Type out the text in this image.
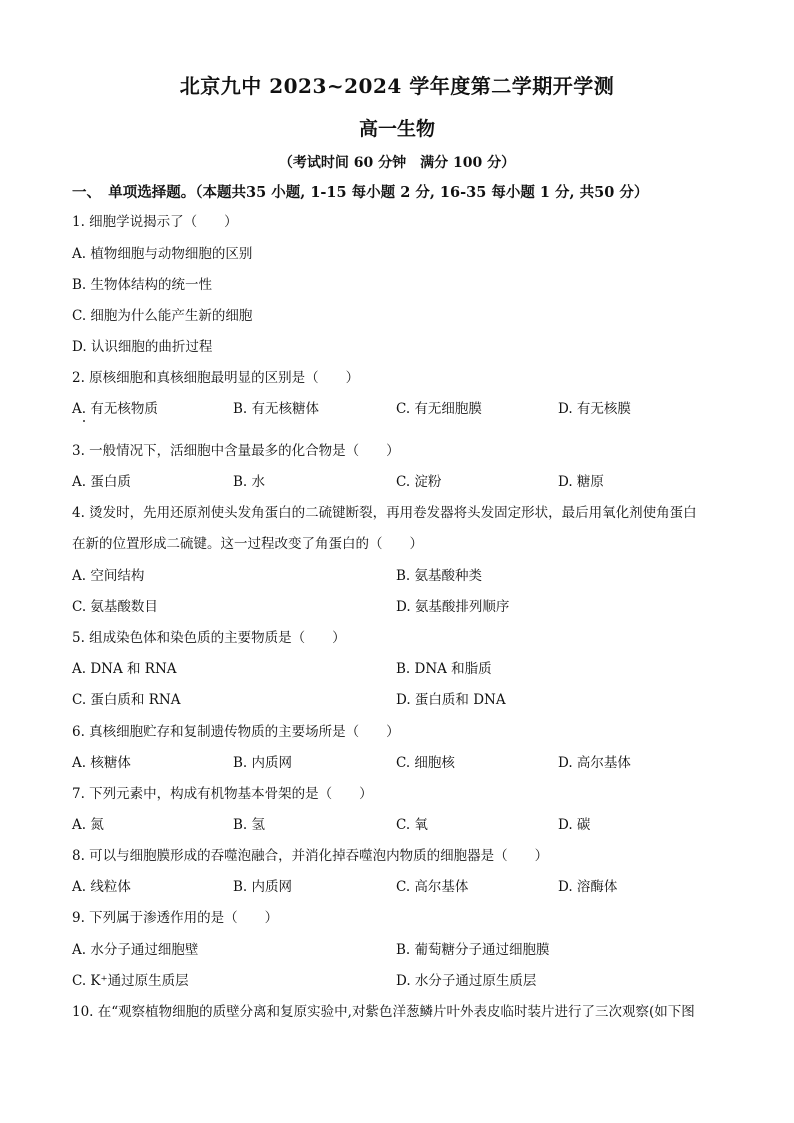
北京九中 2023~2024 学年度第二学期开学测
高一生物
（考试时间 60 分钟　满分 100 分）
一、　单项选择题。（本题共35 小题, 1-15 每小题 2 分, 16-35 每小题 1 分, 共50 分）
1. 细胞学说揭示了（　　）
A. 植物细胞与动物细胞的区别
B. 生物体结构的统一性
C. 细胞为什么能产生新的细胞
D. 认识细胞的曲折过程
2. 原核细胞和真核细胞最明显的区别是（　　）
A. 有无核物质	B. 有无核糖体	C. 有无细胞膜	D. 有无核膜
3. 一般情况下，活细胞中含量最多的化合物是（　　）
A. 蛋白质	B. 水	C. 淀粉	D. 糖原
4. 烫发时，先用还原剂使头发角蛋白的二硫键断裂，再用卷发器将头发固定形状，最后用氧化剂使角蛋白
在新的位置形成二硫键。这一过程改变了角蛋白的（　　）
A. 空间结构	B. 氨基酸种类
C. 氨基酸数目	D. 氨基酸排列顺序
5. 组成染色体和染色质的主要物质是（　　）
A. DNA 和 RNA	B. DNA 和脂质
C. 蛋白质和 RNA	D. 蛋白质和 DNA
6. 真核细胞贮存和复制遗传物质的主要场所是（　　）
A. 核糖体	B. 内质网	C. 细胞核	D. 高尔基体
7. 下列元素中，构成有机物基本骨架的是（　　）
A. 氮	B. 氢	C. 氧	D. 碳
8. 可以与细胞膜形成的吞噬泡融合，并消化掉吞噬泡内物质的细胞器是（　　）
A. 线粒体	B. 内质网	C. 高尔基体	D. 溶酶体
9. 下列属于渗透作用的是（　　）
A. 水分子通过细胞壁	B. 葡萄糖分子通过细胞膜
C. K⁺通过原生质层	D. 水分子通过原生质层
10. 在“观察植物细胞的质壁分离和复原实验中,对紫色洋葱鳞片叶外表皮临时装片进行了三次观察(如下图
